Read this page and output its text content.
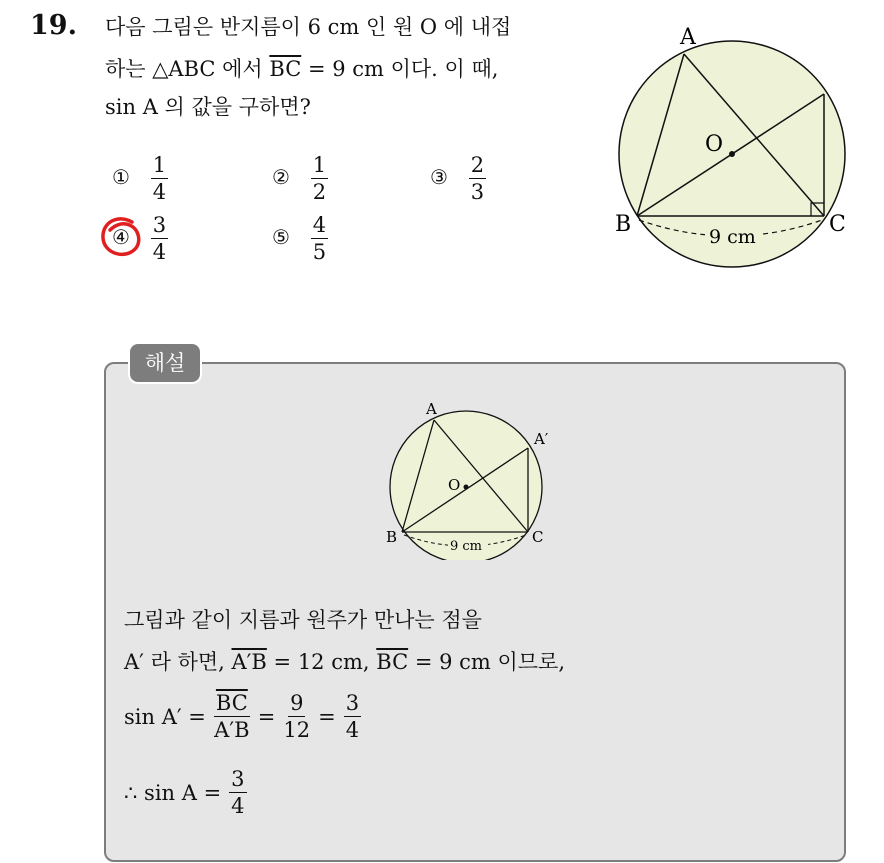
19. 다음 그림은 반지름이 6 cm 인 원 O 에 내접
하는 △ABC 에서 $\overline{BC} = 9$ cm 이다. 이 때,
sin A 의 값을 구하면?
① $\frac{1}{4}$	② $\frac{1}{2}$	③ $\frac{2}{3}$
④ $\frac{3}{4}$	⑤ $\frac{4}{5}$
A
O
B	C
9 cm
해설
A
A′
O
B	C
9 cm
그림과 같이 지름과 원주가 만나는 점을
A′ 라 하면, A′B = 12 cm, $\overline{BC} = 9$ cm 이므로,
$\sin A' = \frac{\overline{BC}}{A'B} = \frac{9}{12} = \frac{3}{4}$
∴ $\sin A = \frac{3}{4}$
